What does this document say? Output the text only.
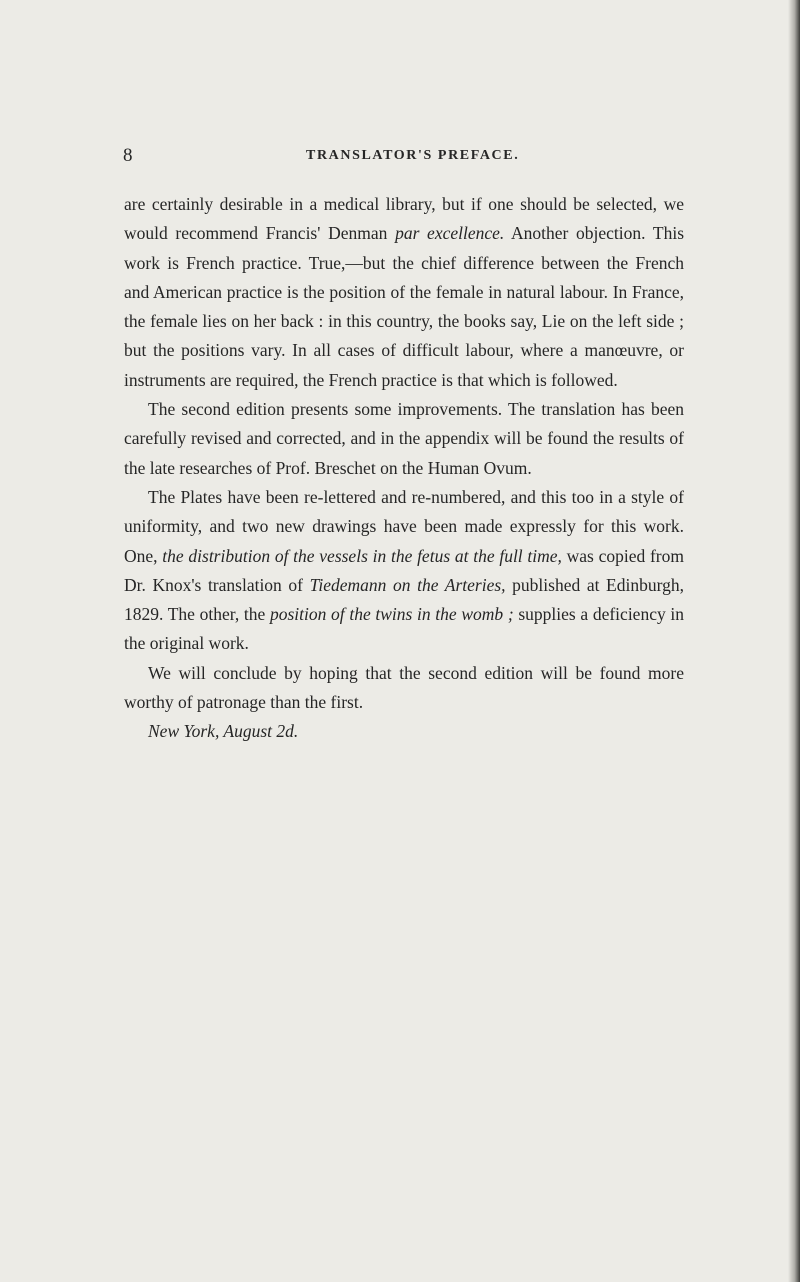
8	TRANSLATOR'S PREFACE.

are certainly desirable in a medical library, but if one should be selected, we would recommend Francis' Denman par excellence. Another objection. This work is French practice. True,—but the chief difference between the French and American practice is the position of the female in natural labour. In France, the female lies on her back : in this country, the books say, Lie on the left side ; but the positions vary. In all cases of difficult labour, where a manœuvre, or instruments are required, the French practice is that which is followed.

The second edition presents some improvements. The translation has been carefully revised and corrected, and in the appendix will be found the results of the late researches of Prof. Breschet on the Human Ovum.

The Plates have been re-lettered and re-numbered, and this too in a style of uniformity, and two new drawings have been made expressly for this work. One, the distribution of the vessels in the fetus at the full time, was copied from Dr. Knox's translation of Tiedemann on the Arteries, published at Edinburgh, 1829. The other, the position of the twins in the womb ; supplies a deficiency in the original work.

We will conclude by hoping that the second edition will be found more worthy of patronage than the first.

New York, August 2d.
